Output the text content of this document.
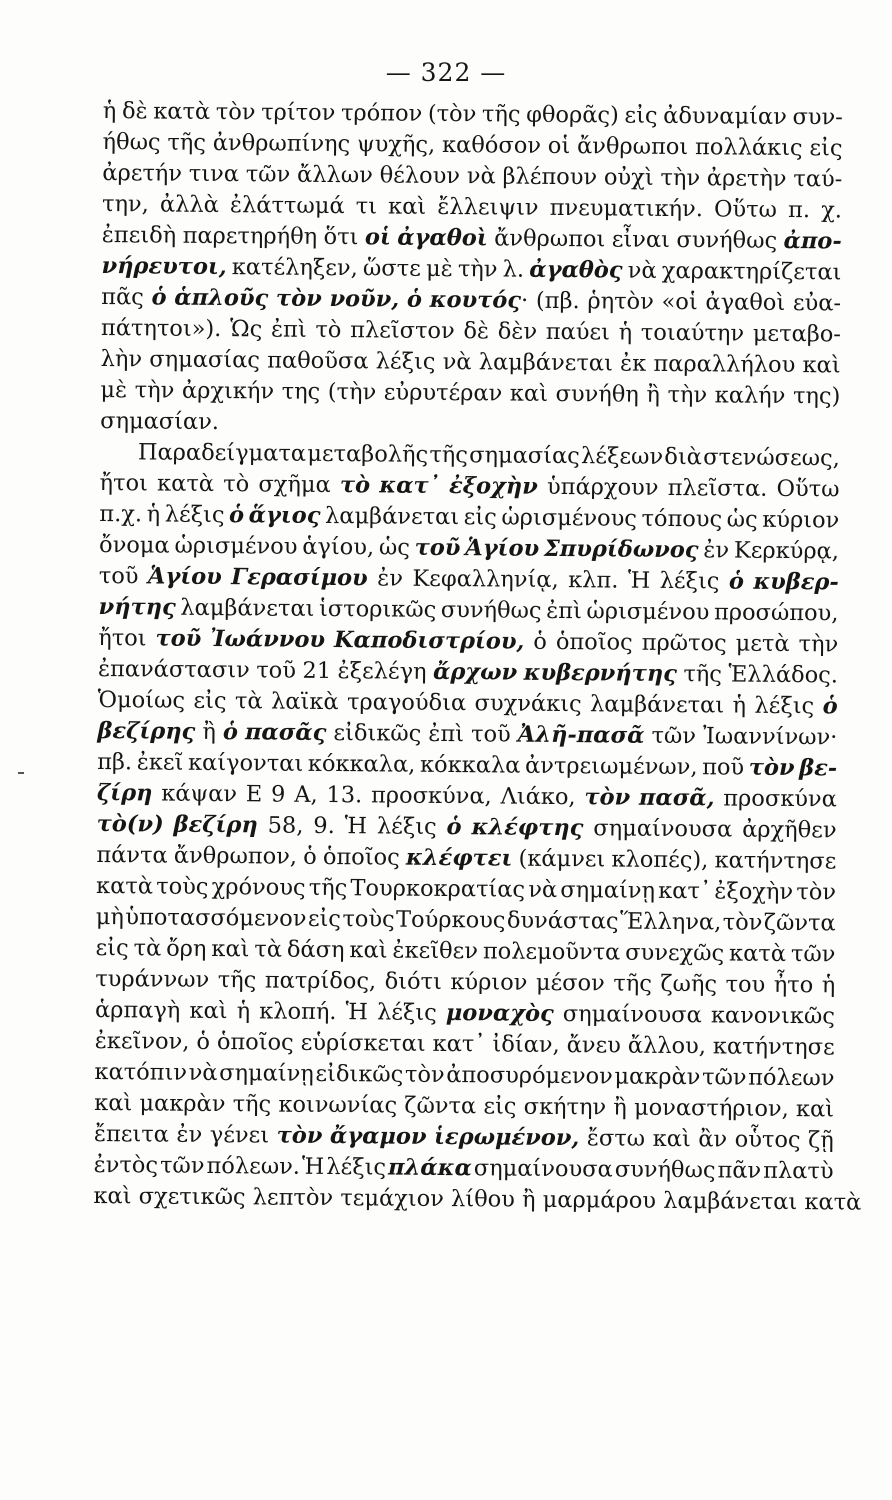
— 322 —
ἡ δὲ κατὰ τὸν τρίτον τρόπον (τὸν τῆς φθορᾶς) εἰς ἀδυναμίαν συν-
ήθως τῆς ἀνθρωπίνης ψυχῆς, καθόσον οἱ ἄνθρωποι πολλάκις εἰς
ἀρετήν τινα τῶν ἄλλων θέλουν νὰ βλέπουν οὐχὶ τὴν ἀρετὴν ταύ-
την, ἀλλὰ ἐλάττωμά τι καὶ ἔλλειψιν πνευματικήν. Οὕτω π. χ.
ἐπειδὴ παρετηρήθη ὅτι οἱ ἀγαθοὶ ἄνθρωποι εἶναι συνήθως ἀπο-
νήρευτοι, κατέληξεν, ὥστε μὲ τὴν λ. ἀγαθὸς νὰ χαρακτηρίζεται
πᾶς ὁ ἁπλοῦς τὸν νοῦν, ὁ κουτός· (πβ. ῥητὸν «οἱ ἀγαθοὶ εὐα-
πάτητοι»). Ὡς ἐπὶ τὸ πλεῖστον δὲ δὲν παύει ἡ τοιαύτην μεταβο-
λὴν σημασίας παθοῦσα λέξις νὰ λαμβάνεται ἐκ παραλλήλου καὶ
μὲ τὴν ἀρχικήν της (τὴν εὐρυτέραν καὶ συνήθη ἢ τὴν καλήν της)
σημασίαν.
Παραδείγματα μεταβολῆς τῆς σημασίας λέξεων διὰ στενώσεως,
ἤτοι κατὰ τὸ σχῆμα τὸ κατ᾽ ἐξοχὴν ὑπάρχουν πλεῖστα. Οὕτω
π.χ. ἡ λέξις ὁ ἅγιος λαμβάνεται εἰς ὡρισμένους τόπους ὡς κύριον
ὄνομα ὡρισμένου ἁγίου, ὡς τοῦ Ἁγίου Σπυρίδωνος ἐν Κερκύρᾳ,
τοῦ Ἁγίου Γερασίμου ἐν Κεφαλληνίᾳ, κλπ. Ἡ λέξις ὁ κυβερ-
νήτης λαμβάνεται ἱστορικῶς συνήθως ἐπὶ ὡρισμένου προσώπου,
ἤτοι τοῦ Ἰωάννου Καποδιστρίου, ὁ ὁποῖος πρῶτος μετὰ τὴν
ἐπανάστασιν τοῦ 21 ἐξελέγη ἄρχων κυβερνήτης τῆς Ἑλλάδος.
Ὁμοίως εἰς τὰ λαϊκὰ τραγούδια συχνάκις λαμβάνεται ἡ λέξις ὁ
βεζίρης ἢ ὁ πασᾶς εἰδικῶς ἐπὶ τοῦ Ἀλῆ-πασᾶ τῶν Ἰωαννίνων·
πβ. ἐκεῖ καίγονται κόκκαλα, κόκκαλα ἀντρειωμένων, ποῦ τὸν βε-
ζίρη κάψαν Ε 9 Α, 13. προσκύνα, Λιάκο, τὸν πασᾶ, προσκύνα
τὸ(ν) βεζίρη 58, 9. Ἡ λέξις ὁ κλέφτης σημαίνουσα ἀρχῆθεν
πάντα ἄνθρωπον, ὁ ὁποῖος κλέφτει (κάμνει κλοπές), κατήντησε
κατὰ τοὺς χρόνους τῆς Τουρκοκρατίας νὰ σημαίνῃ κατ᾽ ἐξοχὴν τὸν
μὴ ὑποτασσόμενον εἰς τοὺς Τούρκους δυνάστας Ἕλληνα, τὸν ζῶντα
εἰς τὰ ὄρη καὶ τὰ δάση καὶ ἐκεῖθεν πολεμοῦντα συνεχῶς κατὰ τῶν
τυράννων τῆς πατρίδος, διότι κύριον μέσον τῆς ζωῆς του ἦτο ἡ
ἁρπαγὴ καὶ ἡ κλοπή. Ἡ λέξις μοναχὸς σημαίνουσα κανονικῶς
ἐκεῖνον, ὁ ὁποῖος εὑρίσκεται κατ᾽ ἰδίαν, ἄνευ ἄλλου, κατήντησε
κατόπιν νὰ σημαίνῃ εἰδικῶς τὸν ἀποσυρόμενον μακρὰν τῶν πόλεων
καὶ μακρὰν τῆς κοινωνίας ζῶντα εἰς σκήτην ἢ μοναστήριον, καὶ
ἔπειτα ἐν γένει τὸν ἄγαμον ἱερωμένον, ἔστω καὶ ἂν οὗτος ζῇ
ἐντὸς τῶν πόλεων. Ἡ λέξις πλάκα σημαίνουσα συνήθως πᾶν πλατὺ
καὶ
σχετικῶς
λεπτὸν
τεμάχιον
λίθου
ἢ
μαρμάρου
λαμβάνεται
κατὰ
